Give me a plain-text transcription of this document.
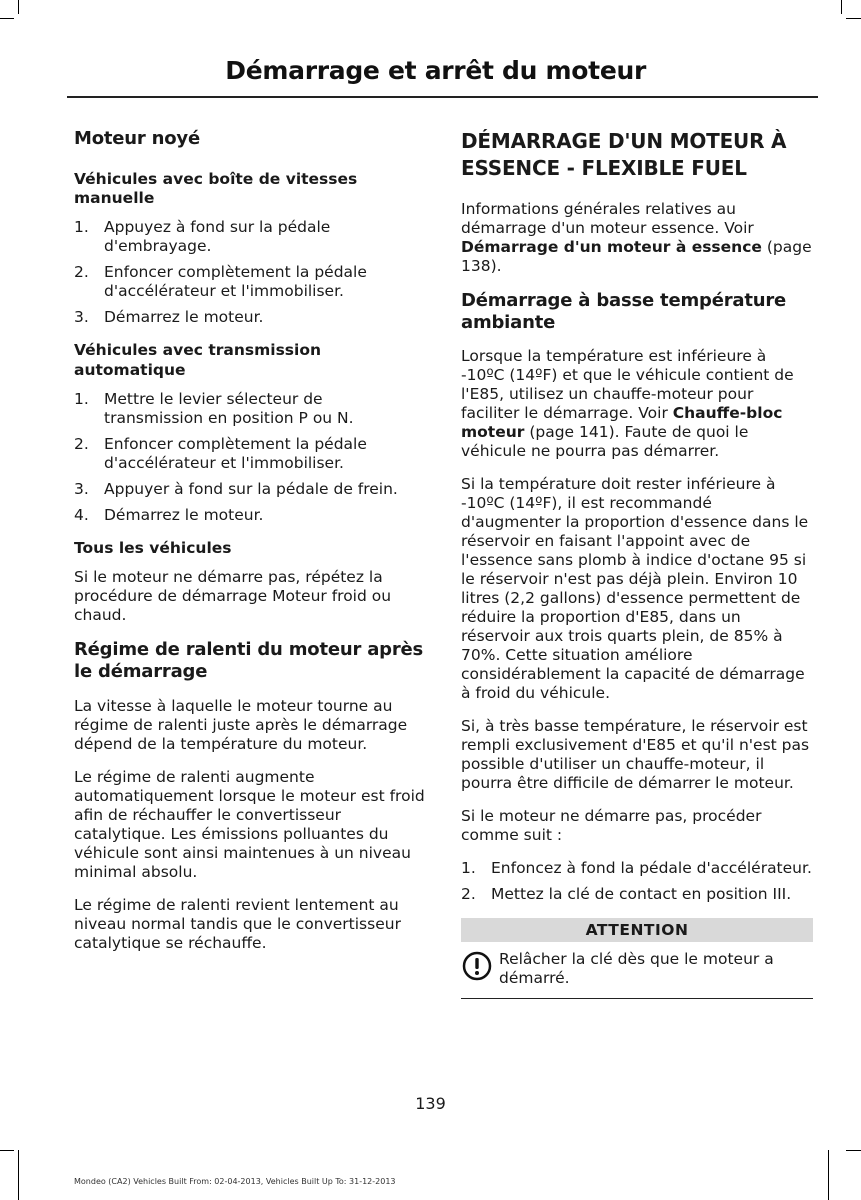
Démarrage et arrêt du moteur
Moteur noyé
Véhicules avec boîte de vitesses manuelle
1. Appuyez à fond sur la pédale d'embrayage.
2. Enfoncer complètement la pédale d'accélérateur et l'immobiliser.
3. Démarrez le moteur.
Véhicules avec transmission automatique
1. Mettre le levier sélecteur de transmission en position P ou N.
2. Enfoncer complètement la pédale d'accélérateur et l'immobiliser.
3. Appuyer à fond sur la pédale de frein.
4. Démarrez le moteur.
Tous les véhicules

Si le moteur ne démarre pas, répétez la procédure de démarrage Moteur froid ou chaud.

Régime de ralenti du moteur après le démarrage

La vitesse à laquelle le moteur tourne au régime de ralenti juste après le démarrage dépend de la température du moteur.

Le régime de ralenti augmente automatiquement lorsque le moteur est froid afin de réchauffer le convertisseur catalytique. Les émissions polluantes du véhicule sont ainsi maintenues à un niveau minimal absolu.

Le régime de ralenti revient lentement au niveau normal tandis que le convertisseur catalytique se réchauffe.

DÉMARRAGE D'UN MOTEUR À ESSENCE - FLEXIBLE FUEL

Informations générales relatives au démarrage d'un moteur essence. Voir Démarrage d'un moteur à essence (page 138).

Démarrage à basse température ambiante

Lorsque la température est inférieure à -10ºC (14ºF) et que le véhicule contient de l'E85, utilisez un chauffe-moteur pour faciliter le démarrage. Voir Chauffe-bloc moteur (page 141). Faute de quoi le véhicule ne pourra pas démarrer.

Si la température doit rester inférieure à -10ºC (14ºF), il est recommandé d'augmenter la proportion d'essence dans le réservoir en faisant l'appoint avec de l'essence sans plomb à indice d'octane 95 si le réservoir n'est pas déjà plein. Environ 10 litres (2,2 gallons) d'essence permettent de réduire la proportion d'E85, dans un réservoir aux trois quarts plein, de 85% à 70%. Cette situation améliore considérablement la capacité de démarrage à froid du véhicule.

Si, à très basse température, le réservoir est rempli exclusivement d'E85 et qu'il n'est pas possible d'utiliser un chauffe-moteur, il pourra être difficile de démarrer le moteur.

Si le moteur ne démarre pas, procéder comme suit :

1. Enfoncez à fond la pédale d'accélérateur.
2. Mettez la clé de contact en position III.
ATTENTION
Relâcher la clé dès que le moteur a démarré.
139
Mondeo (CA2) Vehicles Built From: 02-04-2013, Vehicles Built Up To: 31-12-2013
